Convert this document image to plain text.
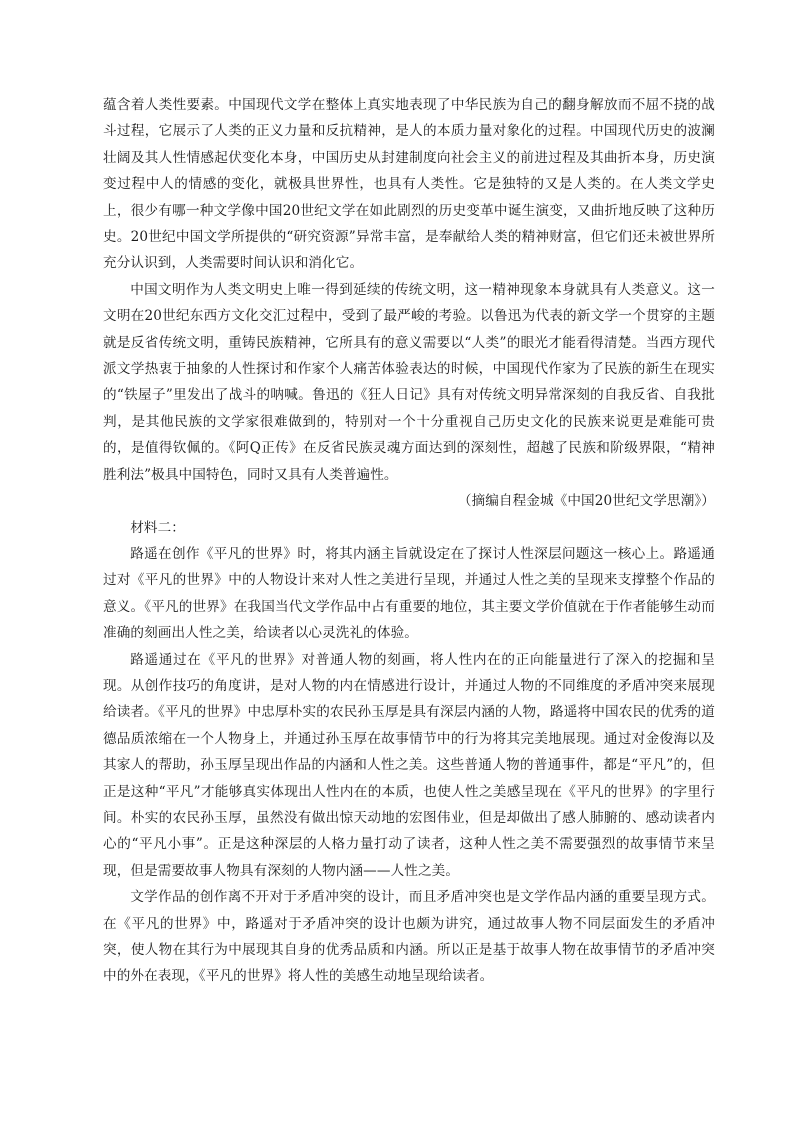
蕴含着人类性要素。中国现代文学在整体上真实地表现了中华民族为自己的翻身解放而不屈不挠的战斗过程，它展示了人类的正义力量和反抗精神，是人的本质力量对象化的过程。中国现代历史的波澜壮阔及其人性情感起伏变化本身，中国历史从封建制度向社会主义的前进过程及其曲折本身，历史演变过程中人的情感的变化，就极具世界性，也具有人类性。它是独特的又是人类的。在人类文学史上，很少有哪一种文学像中国20世纪文学在如此剧烈的历史变革中诞生演变，又曲折地反映了这种历史。20世纪中国文学所提供的“研究资源”异常丰富，是奉献给人类的精神财富，但它们还未被世界所充分认识到，人类需要时间认识和消化它。

中国文明作为人类文明史上唯一得到延续的传统文明，这一精神现象本身就具有人类意义。这一文明在20世纪东西方文化交汇过程中，受到了最严峻的考验。以鲁迅为代表的新文学一个贯穿的主题就是反省传统文明，重铸民族精神，它所具有的意义需要以“人类”的眼光才能看得清楚。当西方现代派文学热衷于抽象的人性探讨和作家个人痛苦体验表达的时候，中国现代作家为了民族的新生在现实的“铁屋子”里发出了战斗的呐喊。鲁迅的《狂人日记》具有对传统文明异常深刻的自我反省、自我批判，是其他民族的文学家很难做到的，特别对一个十分重视自己历史文化的民族来说更是难能可贵的，是值得钦佩的。《阿Q正传》在反省民族灵魂方面达到的深刻性，超越了民族和阶级界限，“精神胜利法”极具中国特色，同时又具有人类普遍性。

（摘编自程金城《中国20世纪文学思潮》）

材料二：

路遥在创作《平凡的世界》时，将其内涵主旨就设定在了探讨人性深层问题这一核心上。路遥通过对《平凡的世界》中的人物设计来对人性之美进行呈现，并通过人性之美的呈现来支撑整个作品的意义。《平凡的世界》在我国当代文学作品中占有重要的地位，其主要文学价值就在于作者能够生动而准确的刻画出人性之美，给读者以心灵洗礼的体验。

路遥通过在《平凡的世界》对普通人物的刻画，将人性内在的正向能量进行了深入的挖掘和呈现。从创作技巧的角度讲，是对人物的内在情感进行设计，并通过人物的不同维度的矛盾冲突来展现给读者。《平凡的世界》中忠厚朴实的农民孙玉厚是具有深层内涵的人物，路遥将中国农民的优秀的道德品质浓缩在一个人物身上，并通过孙玉厚在故事情节中的行为将其完美地展现。通过对金俊海以及其家人的帮助，孙玉厚呈现出作品的内涵和人性之美。这些普通人物的普通事件，都是“平凡”的，但正是这种“平凡”才能够真实体现出人性内在的本质，也使人性之美感呈现在《平凡的世界》的字里行间。朴实的农民孙玉厚，虽然没有做出惊天动地的宏图伟业，但是却做出了感人肺腑的、感动读者内心的“平凡小事”。正是这种深层的人格力量打动了读者，这种人性之美不需要强烈的故事情节来呈现，但是需要故事人物具有深刻的人物内涵——人性之美。

文学作品的创作离不开对于矛盾冲突的设计，而且矛盾冲突也是文学作品内涵的重要呈现方式。在《平凡的世界》中，路遥对于矛盾冲突的设计也颇为讲究，通过故事人物不同层面发生的矛盾冲突，使人物在其行为中展现其自身的优秀品质和内涵。所以正是基于故事人物在故事情节的矛盾冲突中的外在表现，《平凡的世界》将人性的美感生动地呈现给读者。
